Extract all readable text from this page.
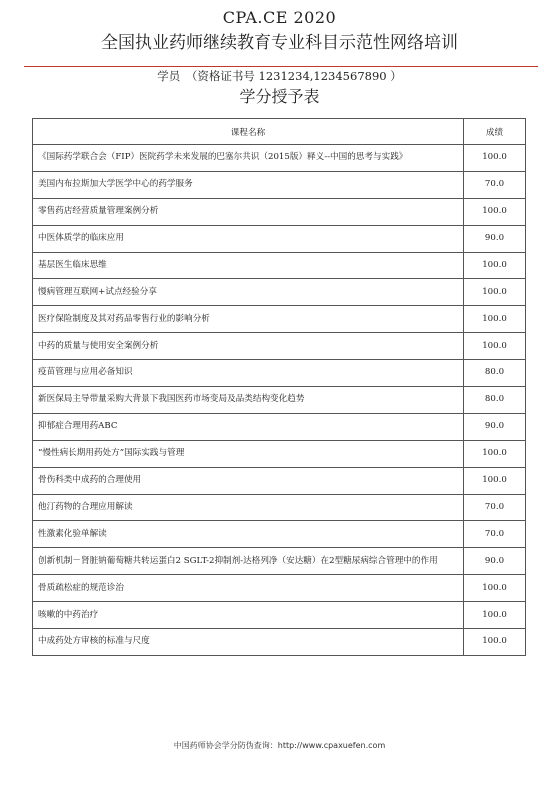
CPA.CE 2020
全国执业药师继续教育专业科目示范性网络培训
学员 （资格证书号 1231234,1234567890 ）
学分授予表
课程名称	成绩
《国际药学联合会（FIP）医院药学未来发展的巴塞尔共识（2015版）释义--中国的思考与实践》	100.0
美国内布拉斯加大学医学中心的药学服务	70.0
零售药店经营质量管理案例分析	100.0
中医体质学的临床应用	90.0
基层医生临床思维	100.0
慢病管理互联网+试点经验分享	100.0
医疗保险制度及其对药品零售行业的影响分析	100.0
中药的质量与使用安全案例分析	100.0
疫苗管理与应用必备知识	80.0
新医保局主导带量采购大背景下我国医药市场变局及品类结构变化趋势	80.0
抑郁症合理用药ABC	90.0
“慢性病长期用药处方”国际实践与管理	100.0
骨伤科类中成药的合理使用	100.0
他汀药物的合理应用解读	70.0
性激素化验单解读	70.0
创新机制－肾脏钠葡萄糖共转运蛋白2 SGLT-2抑制剂-达格列净（安达糖）在2型糖尿病综合管理中的作用	90.0
骨质疏松症的规范诊治	100.0
咳嗽的中药治疗	100.0
中成药处方审核的标准与尺度	100.0
中国药师协会学分防伪查询：http://www.cpaxuefen.com
